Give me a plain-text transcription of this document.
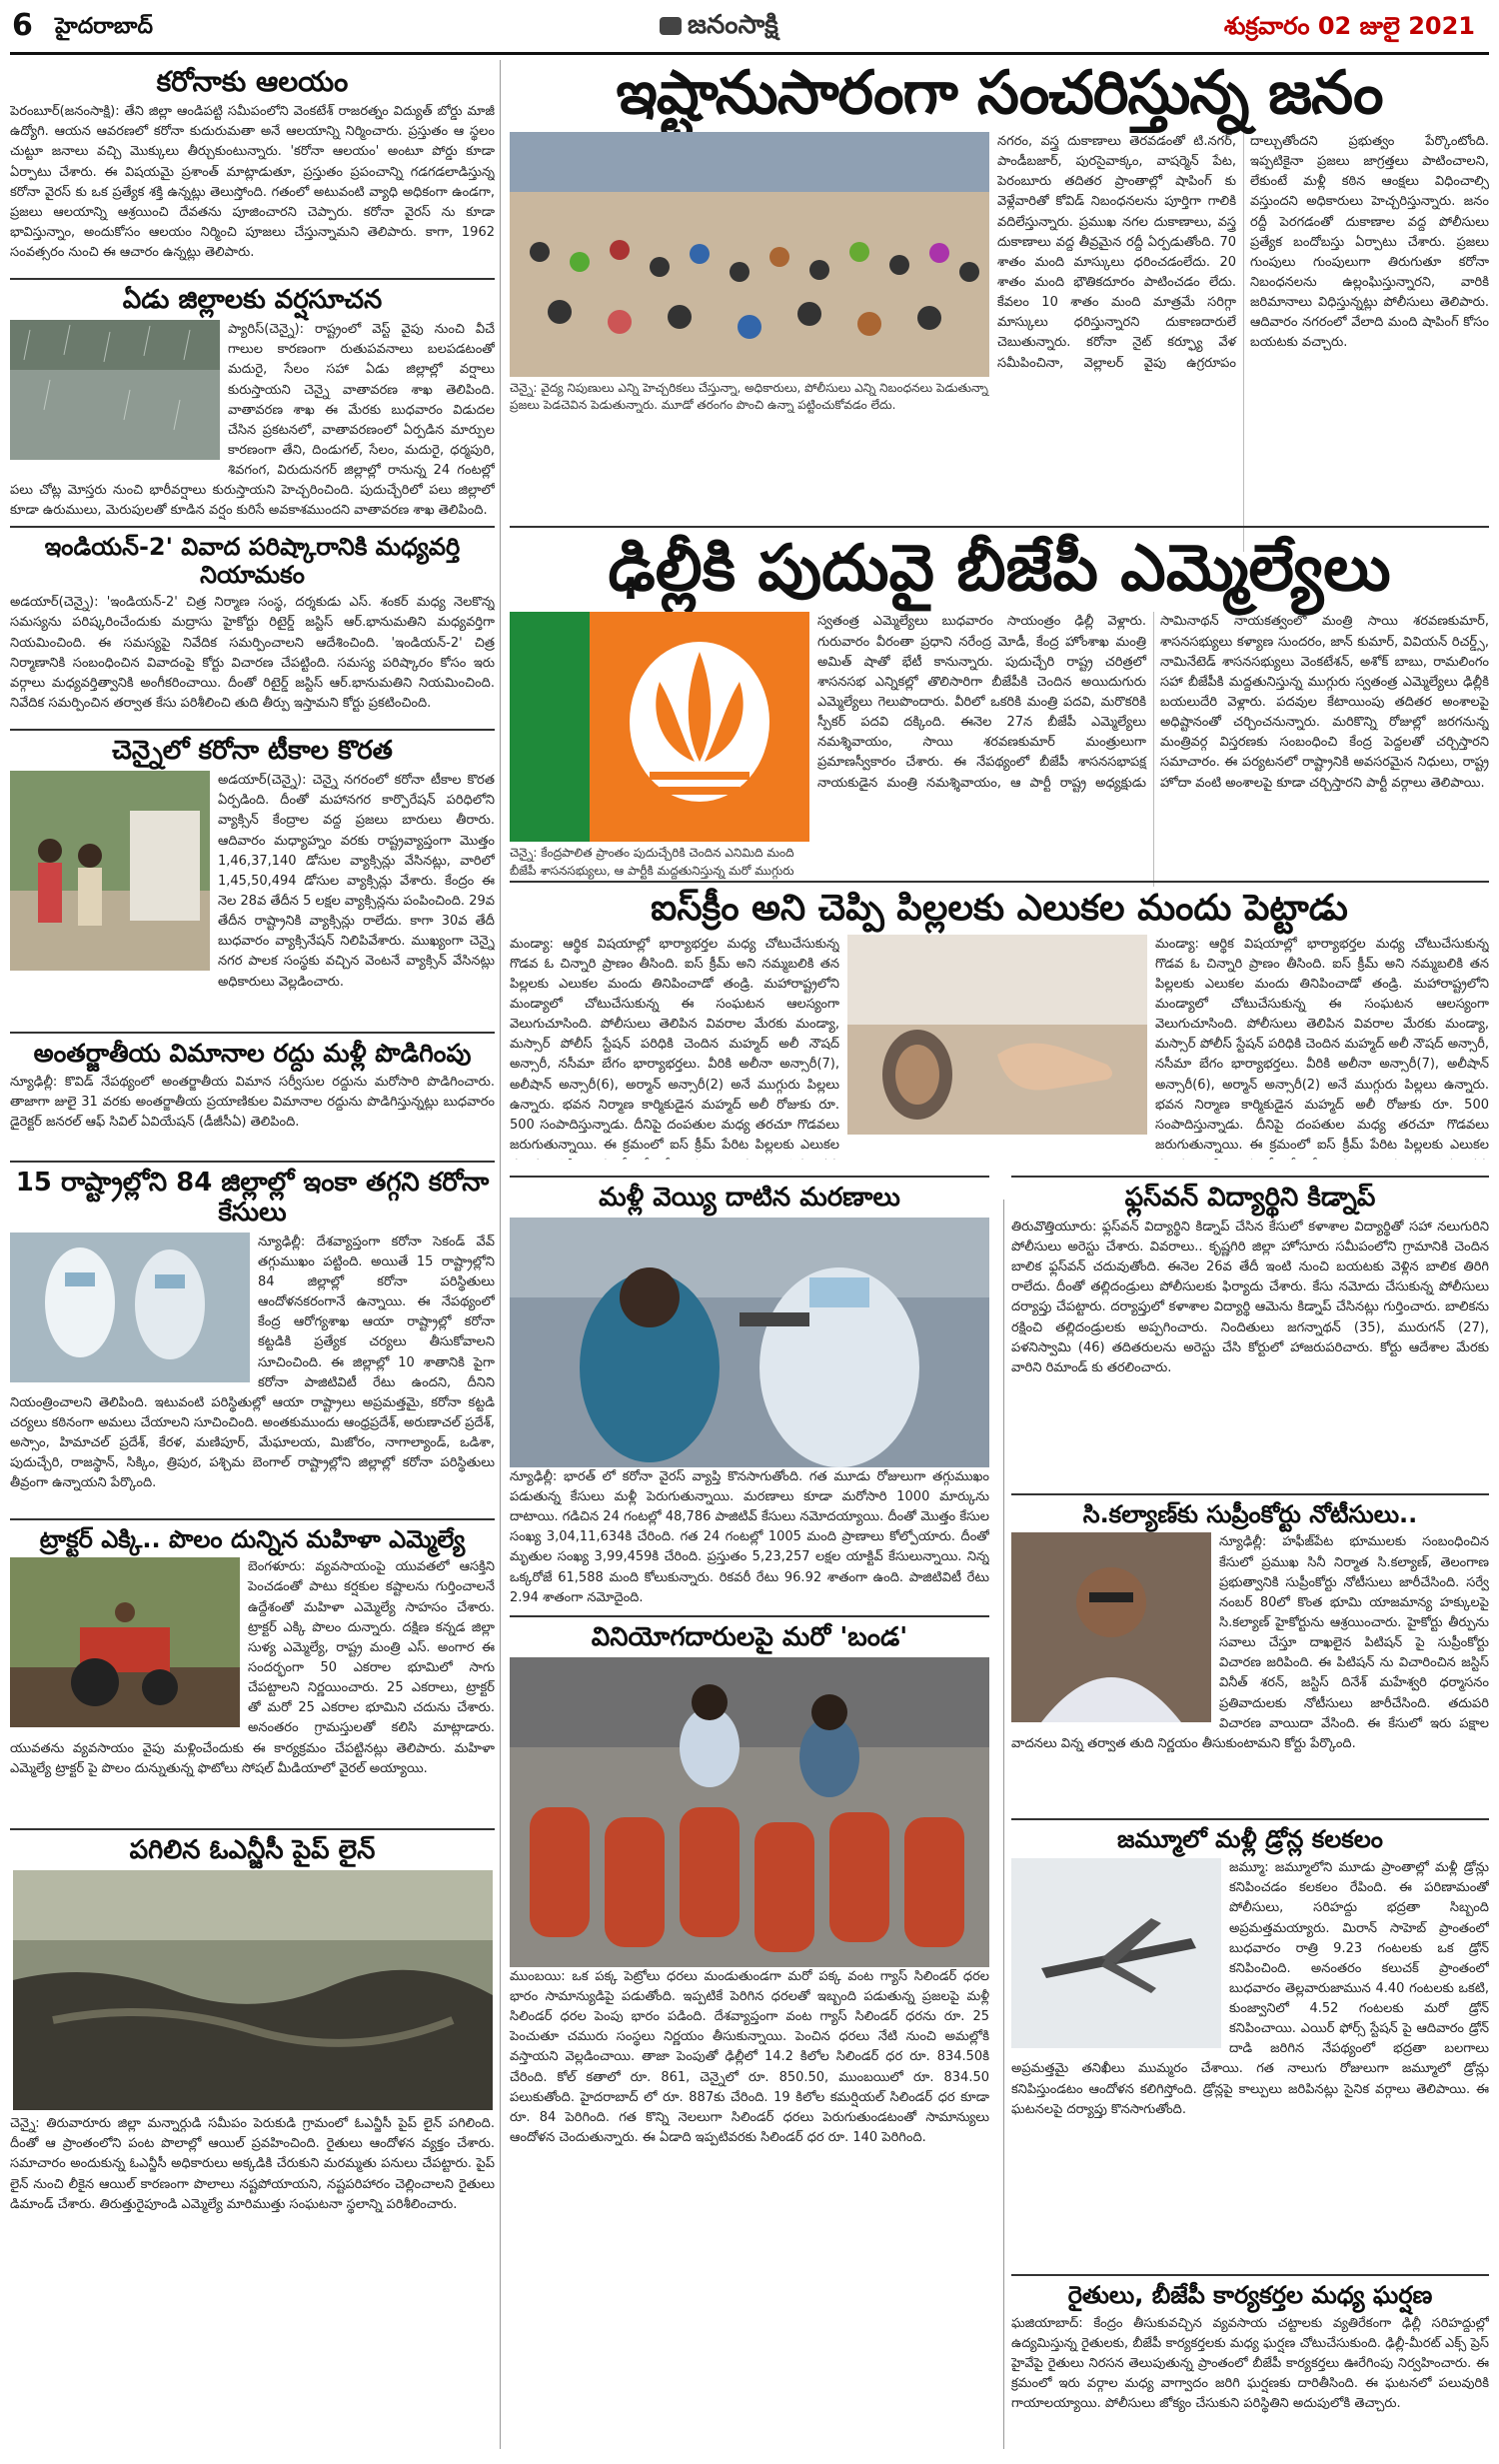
6 హైదరాబాద్	జనంసాక్షి	శుక్రవారం 02 జులై 2021
కరోనాకు ఆలయం
పెరంబూర్(జనంసాక్షి): తేని జిల్లా ఆండిపట్టి సమీపంలోని వెంకటేశ్ రాజరత్నం విద్యుత్ బోర్డు మాజీ ఉద్యోగి. ఆయన ఆవరణలో కరోనా కుదురుమతా అనే ఆలయాన్ని నిర్మించారు. ప్రస్తుతం ఆ స్థలం చుట్టూ జనాలు వచ్చి మొక్కులు తీర్చుకుంటున్నారు. 'కరోనా ఆలయం' అంటూ పోర్డు కూడా ఏర్పాటు చేశారు. ఈ విషయమై ప్రశాంత్ మాట్లాడుతూ, ప్రస్తుతం ప్రపంచాన్ని గడగడలాడిస్తున్న కరోనా వైరస్ కు ఒక ప్రత్యేక శక్తి ఉన్నట్లు తెలుస్తోంది. గతంలో అటువంటి వ్యాధి అధికంగా ఉండగా, ప్రజలు ఆలయాన్ని ఆశ్రయించి దేవతను పూజించారని చెప్పారు. కరోనా వైరస్ ను కూడా భావిస్తున్నాం, అందుకోసం ఆలయం నిర్మించి పూజలు చేస్తున్నామని తెలిపారు. కాగా, 1962 సంవత్సరం నుంచి ఈ ఆచారం ఉన్నట్లు తెలిపారు.
ఏడు జిల్లాలకు వర్షసూచన
ప్యారిస్(చెన్నై): రాష్ట్రంలో వెస్ట్ వైపు నుంచి వీచే గాలుల కారణంగా రుతుపవనాలు బలపడటంతో మదురై, సేలం సహా ఏడు జిల్లాల్లో వర్షాలు కురుస్తాయని చెన్నై వాతావరణ శాఖ తెలిపింది. వాతావరణ శాఖ ఈ మేరకు బుధవారం విడుదల చేసిన ప్రకటనలో, వాతావరణంలో ఏర్పడిన మార్పుల కారణంగా తేని, దిండుగల్, సేలం, మదురై, ధర్మపురి, శివగంగ, విరుదునగర్ జిల్లాల్లో రానున్న 24 గంటల్లో పలు చోట్ల మోస్తరు నుంచి భారీవర్షాలు కురుస్తాయని హెచ్చరించింది. పుదుచ్చేరిలో పలు జిల్లాలో కూడా ఉరుములు, మెరుపులతో కూడిన వర్షం కురిసే అవకాశముందని వాతావరణ శాఖ తెలిపింది.
ఇండియన్-2' వివాద పరిష్కారానికి మధ్యవర్తి నియామకం
అడయార్(చెన్నై): 'ఇండియన్-2' చిత్ర నిర్మాణ సంస్థ, దర్శకుడు ఎస్. శంకర్ మధ్య నెలకొన్న సమస్యను పరిష్కరించేందుకు మద్రాసు హైకోర్టు రిటైర్డ్ జస్టిస్ ఆర్.భానుమతిని మధ్యవర్తిగా నియమించింది. ఈ సమస్యపై నివేదిక సమర్పించాలని ఆదేశించింది. 'ఇండియన్-2' చిత్ర నిర్మాణానికి సంబంధించిన వివాదంపై కోర్టు విచారణ చేపట్టింది. సమస్య పరిష్కారం కోసం ఇరు వర్గాలు మధ్యవర్తిత్వానికి అంగీకరించాయి. దీంతో రిటైర్డ్ జస్టిస్ ఆర్.భానుమతిని నియమించింది. నివేదిక సమర్పించిన తర్వాత కేసు పరిశీలించి తుది తీర్పు ఇస్తామని కోర్టు ప్రకటించింది.
చెన్నైలో కరోనా టీకాల కొరత
అడయార్(చెన్నై): చెన్నై నగరంలో కరోనా టీకాల కొరత ఏర్పడింది. దీంతో మహానగర కార్పొరేషన్ పరిధిలోని వ్యాక్సిన్ కేంద్రాల వద్ద ప్రజలు బారులు తీరారు. ఆదివారం మధ్యాహ్నం వరకు రాష్ట్రవ్యాప్తంగా మొత్తం 1,46,37,140 డోసుల వ్యాక్సిన్లు వేసినట్లు, వారిలో 1,45,50,494 డోసుల వ్యాక్సిన్లు వేశారు. కేంద్రం ఈ నెల 28వ తేదీన 5 లక్షల వ్యాక్సిన్లను పంపించింది. 29వ తేదీన రాష్ట్రానికి వ్యాక్సిన్లు రాలేదు. కాగా 30వ తేదీ బుధవారం వ్యాక్సినేషన్ నిలిపివేశారు. ముఖ్యంగా చెన్నై నగర పాలక సంస్థకు వచ్చిన వెంటనే వ్యాక్సిన్ వేసినట్లు అధికారులు వెల్లడించారు.
అంతర్జాతీయ విమానాల రద్దు మళ్లీ పొడిగింపు
న్యూఢిల్లీ: కొవిడ్ నేపథ్యంలో అంతర్జాతీయ విమాన సర్వీసుల రద్దును మరోసారి పొడిగించారు. తాజాగా జులై 31 వరకు అంతర్జాతీయ ప్రయాణికుల విమానాల రద్దును పొడిగిస్తున్నట్లు బుధవారం డైరెక్టర్ జనరల్ ఆఫ్ సివిల్ ఏవియేషన్ (డీజీసీఏ) తెలిపింది.
15 రాష్ట్రాల్లోని 84 జిల్లాల్లో ఇంకా తగ్గని కరోనా కేసులు
న్యూఢిల్లీ: దేశవ్యాప్తంగా కరోనా సెకండ్ వేవ్ తగ్గుముఖం పట్టింది. అయితే 15 రాష్ట్రాల్లోని 84 జిల్లాల్లో కరోనా పరిస్థితులు ఆందోళనకరంగానే ఉన్నాయి. ఈ నేపథ్యంలో కేంద్ర ఆరోగ్యశాఖ ఆయా రాష్ట్రాల్లో కరోనా కట్టడికి ప్రత్యేక చర్యలు తీసుకోవాలని సూచించింది. ఈ జిల్లాల్లో 10 శాతానికి పైగా కరోనా పాజిటివిటీ రేటు ఉందని, దీనిని నియంత్రించాలని తెలిపింది. ఇటువంటి పరిస్థితుల్లో ఆయా రాష్ట్రాలు అప్రమత్తమై, కరోనా కట్టడి చర్యలు కఠినంగా అమలు చేయాలని సూచించింది. అంతకుముందు ఆంధ్రప్రదేశ్, అరుణాచల్ ప్రదేశ్, అస్సాం, హిమాచల్ ప్రదేశ్, కేరళ, మణిపూర్, మేఘాలయ, మిజోరం, నాగాల్యాండ్, ఒడిశా, పుదుచ్చేరి, రాజస్థాన్, సిక్కిం, త్రిపుర, పశ్చిమ బెంగాల్ రాష్ట్రాల్లోని జిల్లాల్లో కరోనా పరిస్థితులు తీవ్రంగా ఉన్నాయని పేర్కొంది.
ట్రాక్టర్ ఎక్కి.. పొలం దున్నిన మహిళా ఎమ్మెల్యే
బెంగళూరు: వ్యవసాయంపై యువతలో ఆసక్తిని పెంచడంతో పాటు కర్షకుల కష్టాలను గుర్తించాలనే ఉద్దేశంతో మహిళా ఎమ్మెల్యే సాహసం చేశారు. ట్రాక్టర్ ఎక్కి పొలం దున్నారు. దక్షిణ కన్నడ జిల్లా సుళ్య ఎమ్మెల్యే, రాష్ట్ర మంత్రి ఎస్. అంగార ఈ సందర్భంగా 50 ఎకరాల భూమిలో సాగు చేపట్టాలని నిర్ణయించారు. 25 ఎకరాలు, ట్రాక్టర్ తో మరో 25 ఎకరాల భూమిని చదును చేశారు. అనంతరం గ్రామస్తులతో కలిసి మాట్లాడారు. యువతను వ్యవసాయం వైపు మళ్లించేందుకు ఈ కార్యక్రమం చేపట్టినట్లు తెలిపారు. మహిళా ఎమ్మెల్యే ట్రాక్టర్ పై పొలం దున్నుతున్న ఫొటోలు సోషల్ మీడియాలో వైరల్ అయ్యాయి.
పగిలిన ఓఎన్జీసీ పైప్ లైన్
చెన్నై: తిరువారూరు జిల్లా మన్నార్గుడి సమీపం పెరుకుడి గ్రామంలో ఓఎన్జీసీ పైప్ లైన్ పగిలింది. దీంతో ఆ ప్రాంతంలోని పంట పొలాల్లో ఆయిల్ ప్రవహించింది. రైతులు ఆందోళన వ్యక్తం చేశారు. సమాచారం అందుకున్న ఓఎన్జీసీ అధికారులు అక్కడికి చేరుకుని మరమ్మతు పనులు చేపట్టారు. పైప్ లైన్ నుంచి లీకైన ఆయిల్ కారణంగా పొలాలు నష్టపోయాయని, నష్టపరిహారం చెల్లించాలని రైతులు డిమాండ్ చేశారు. తిరుత్తురైపూండి ఎమ్మెల్యే మారిముత్తు సంఘటనా స్థలాన్ని పరిశీలించారు.
ఇష్టానుసారంగా సంచరిస్తున్న జనం
చెన్నై: వైద్య నిపుణులు ఎన్ని హెచ్చరికలు చేస్తున్నా, అధికారులు, పోలీసులు ఎన్ని నిబంధనలు పెడుతున్నా ప్రజలు పెడచెవిన పెడుతున్నారు. మూడో తరంగం పొంచి ఉన్నా పట్టించుకోవడం లేదు.
నగరం, వస్త్ర దుకాణాలు తెరవడంతో టి.నగర్, పాండీబజార్, పురసైవాక్కం, వాషర్మెన్ పేట, పెరంబూరు తదితర ప్రాంతాల్లో షాపింగ్ కు వెళ్లేవారితో కోవిడ్ నిబంధనలను పూర్తిగా గాలికి వదిలేస్తున్నారు. ప్రముఖ నగల దుకాణాలు, వస్త్ర దుకాణాలు వద్ద తీవ్రమైన రద్దీ ఏర్పడుతోంది. 70 శాతం మంది మాస్కులు ధరించడంలేదు. 20 శాతం మంది భౌతికదూరం పాటించడం లేదు. కేవలం 10 శాతం మంది మాత్రమే సరిగ్గా మాస్కులు ధరిస్తున్నారని దుకాణదారులే చెబుతున్నారు. కరోనా నైట్ కర్ఫ్యూ వేళ సమీపించినా, వెల్లాలర్ వైపు ఉగ్రరూపం దాల్చుతోందని ప్రభుత్వం పేర్కొంటోంది. ఇప్పటికైనా ప్రజలు జాగ్రత్తలు పాటించాలని, లేకుంటే మళ్లీ కఠిన ఆంక్షలు విధించాల్సి వస్తుందని అధికారులు హెచ్చరిస్తున్నారు. జనం రద్దీ పెరగడంతో దుకాణాల వద్ద పోలీసులు ప్రత్యేక బందోబస్తు ఏర్పాటు చేశారు. ప్రజలు గుంపులు గుంపులుగా తిరుగుతూ కరోనా నిబంధనలను ఉల్లంఘిస్తున్నారని, వారికి జరిమానాలు విధిస్తున్నట్లు పోలీసులు తెలిపారు. ఆదివారం నగరంలో వేలాది మంది షాపింగ్ కోసం బయటకు వచ్చారు.
ఢిల్లీకి పుదువై బీజేపీ ఎమ్మెల్యేలు
చెన్నై: కేంద్రపాలిత ప్రాంతం పుదుచ్చేరికి చెందిన ఎనిమిది మంది బీజేపీ శాసనసభ్యులు, ఆ పార్టీకి మద్దతునిస్తున్న మరో ముగ్గురు
స్వతంత్ర ఎమ్మెల్యేలు బుధవారం సాయంత్రం ఢిల్లీ వెళ్లారు. గురువారం వీరంతా ప్రధాని నరేంద్ర మోడీ, కేంద్ర హోంశాఖ మంత్రి అమిత్ షాతో భేటీ కానున్నారు. పుదుచ్చేరి రాష్ట్ర చరిత్రలో శాసనసభ ఎన్నికల్లో తొలిసారిగా బీజేపీకి చెందిన అయిదుగురు ఎమ్మెల్యేలు గెలుపొందారు. వీరిలో ఒకరికి మంత్రి పదవి, మరొకరికి స్పీకర్ పదవి దక్కింది. ఈనెల 27న బీజేపీ ఎమ్మెల్యేలు నమశ్శివాయం, సాయి శరవణకుమార్ మంత్రులుగా ప్రమాణస్వీకారం చేశారు. ఈ నేపథ్యంలో బీజేపీ శాసనసభాపక్ష నాయకుడైన మంత్రి నమశ్శివాయం, ఆ పార్టీ రాష్ట్ర అధ్యక్షుడు సామినాథన్ నాయకత్వంలో మంత్రి సాయి శరవణకుమార్, శాసనసభ్యులు కళ్యాణ సుందరం, జాన్ కుమార్, వివియన్ రిచర్డ్స్, నామినేటెడ్ శాసనసభ్యులు వెంకటేశన్, అశోక్ బాబు, రామలింగం సహా బీజేపీకి మద్దతునిస్తున్న ముగ్గురు స్వతంత్ర ఎమ్మెల్యేలు ఢిల్లీకి బయలుదేరి వెళ్లారు. పదవుల కేటాయింపు తదితర అంశాలపై అధిష్టానంతో చర్చించనున్నారు. మరికొన్ని రోజుల్లో జరగనున్న మంత్రివర్గ విస్తరణకు సంబంధించి కేంద్ర పెద్దలతో చర్చిస్తారని సమాచారం. ఈ పర్యటనలో రాష్ట్రానికి అవసరమైన నిధులు, రాష్ట్ర హోదా వంటి అంశాలపై కూడా చర్చిస్తారని పార్టీ వర్గాలు తెలిపాయి.
ఐస్‌క్రీం అని చెప్పి పిల్లలకు ఎలుకల మందు పెట్టాడు
మండ్యా: ఆర్థిక విషయాల్లో భార్యాభర్తల మధ్య చోటుచేసుకున్న గొడవ ఓ చిన్నారి ప్రాణం తీసింది. ఐస్ క్రీమ్ అని నమ్మబలికి తన పిల్లలకు ఎలుకల మందు తినిపించాడో తండ్రి. మహారాష్ట్రలోని మండ్యాలో చోటుచేసుకున్న ఈ సంఘటన ఆలస్యంగా వెలుగుచూసింది. పోలీసులు తెలిపిన వివరాల మేరకు మండ్యా, మస్సార్ పోలీస్ స్టేషన్ పరిధికి చెందిన మహ్మద్ అలీ నౌషద్ అన్సారీ, నసీమా బేగం భార్యాభర్తలు. వీరికి అలీనా అన్సారీ(7), అలీషాన్ అన్సారీ(6), అర్మాన్ అన్సారీ(2) అనే ముగ్గురు పిల్లలు ఉన్నారు. భవన నిర్మాణ కార్మికుడైన మహ్మద్ అలీ రోజుకు రూ. 500 సంపాదిస్తున్నాడు. దీనిపై దంపతుల మధ్య తరచూ గొడవలు జరుగుతున్నాయి. ఈ క్రమంలో ఐస్ క్రీమ్ పేరిట పిల్లలకు ఎలుకల
మండ్యా: ఆర్థిక విషయాల్లో భార్యాభర్తల మధ్య చోటుచేసుకున్న గొడవ ఓ చిన్నారి ప్రాణం తీసింది. ఐస్ క్రీమ్ అని నమ్మబలికి తన పిల్లలకు ఎలుకల మందు తినిపించాడో తండ్రి. మహారాష్ట్రలోని మండ్యాలో చోటుచేసుకున్న ఈ సంఘటన ఆలస్యంగా వెలుగుచూసింది. పోలీసులు తెలిపిన వివరాల మేరకు మండ్యా, మస్సార్ పోలీస్ స్టేషన్ పరిధికి చెందిన మహ్మద్ అలీ నౌషద్ అన్సారీ, నసీమా బేగం భార్యాభర్తలు. వీరికి అలీనా అన్సారీ(7), అలీషాన్ అన్సారీ(6), అర్మాన్ అన్సారీ(2) అనే ముగ్గురు పిల్లలు ఉన్నారు. భవన నిర్మాణ కార్మికుడైన మహ్మద్ అలీ రోజుకు రూ. 500 సంపాదిస్తున్నాడు. దీనిపై దంపతుల మధ్య తరచూ గొడవలు జరుగుతున్నాయి. ఈ క్రమంలో ఐస్ క్రీమ్ పేరిట పిల్లలకు ఎలుకల
మళ్లీ వెయ్యి దాటిన మరణాలు
న్యూఢిల్లీ: భారత్ లో కరోనా వైరస్ వ్యాప్తి కొనసాగుతోంది. గత మూడు రోజులుగా తగ్గుముఖం పడుతున్న కేసులు మళ్లీ పెరుగుతున్నాయి. మరణాలు కూడా మరోసారి 1000 మార్కును దాటాయి. గడిచిన 24 గంటల్లో 48,786 పాజిటివ్ కేసులు నమోదయ్యాయి. దీంతో మొత్తం కేసుల సంఖ్య 3,04,11,634కి చేరింది. గత 24 గంటల్లో 1005 మంది ప్రాణాలు కోల్పోయారు. దీంతో మృతుల సంఖ్య 3,99,459కి చేరింది. ప్రస్తుతం 5,23,257 లక్షల యాక్టివ్ కేసులున్నాయి. నిన్న ఒక్కరోజే 61,588 మంది కోలుకున్నారు. రికవరీ రేటు 96.92 శాతంగా ఉంది. పాజిటివిటీ రేటు 2.94 శాతంగా నమోదైంది.
వినియోగదారులపై మరో 'బండ'
ముంబయి: ఒక పక్క పెట్రోలు ధరలు మండుతుండగా మరో పక్క వంట గ్యాస్ సిలిండర్ ధరల భారం సామాన్యుడిపై పడుతోంది. ఇప్పటికే పెరిగిన ధరలతో ఇబ్బంది పడుతున్న ప్రజలపై మళ్లీ సిలిండర్ ధరల పెంపు భారం పడింది. దేశవ్యాప్తంగా వంట గ్యాస్ సిలిండర్ ధరను రూ. 25 పెంచుతూ చమురు సంస్థలు నిర్ణయం తీసుకున్నాయి. పెంచిన ధరలు నేటి నుంచి అమల్లోకి వస్తాయని వెల్లడించాయి. తాజా పెంపుతో ఢిల్లీలో 14.2 కిలోల సిలిండర్ ధర రూ. 834.50కి చేరింది. కోల్ కతాలో రూ. 861, చెన్నైలో రూ. 850.50, ముంబయిలో రూ. 834.50 పలుకుతోంది. హైదరాబాద్ లో రూ. 887కు చేరింది. 19 కిలోల కమర్షియల్ సిలిండర్ ధర కూడా రూ. 84 పెరిగింది. గత కొన్ని నెలలుగా సిలిండర్ ధరలు పెరుగుతుండటంతో సామాన్యులు ఆందోళన చెందుతున్నారు. ఈ ఏడాది ఇప్పటివరకు సిలిండర్ ధర రూ. 140 పెరిగింది.
ఫ్లస్‌వన్ విద్యార్థిని కిడ్నాప్
తిరువొత్తియూరు: ఫ్లస్‌వన్ విద్యార్థిని కిడ్నాప్ చేసిన కేసులో కళాశాల విద్యార్థితో సహా నలుగురిని పోలీసులు అరెస్టు చేశారు. వివరాలు.. కృష్ణగిరి జిల్లా హోసూరు సమీపంలోని గ్రామానికి చెందిన బాలిక ఫ్లస్‌వన్ చదువుతోంది. ఈనెల 26వ తేదీ ఇంటి నుంచి బయటకు వెళ్లిన బాలిక తిరిగి రాలేదు. దీంతో తల్లిదండ్రులు పోలీసులకు ఫిర్యాదు చేశారు. కేసు నమోదు చేసుకున్న పోలీసులు దర్యాప్తు చేపట్టారు. దర్యాప్తులో కళాశాల విద్యార్థి ఆమెను కిడ్నాప్ చేసినట్లు గుర్తించారు. బాలికను రక్షించి తల్లిదండ్రులకు అప్పగించారు. నిందితులు జగన్నాథన్ (35), మురుగన్ (27), పళనిస్వామి (46) తదితరులను అరెస్టు చేసి కోర్టులో హాజరుపరిచారు. కోర్టు ఆదేశాల మేరకు వారిని రిమాండ్ కు తరలించారు.
సి.కల్యాణ్‌కు సుప్రీంకోర్టు నోటీసులు..
న్యూఢిల్లీ: హఫీజ్‌పేట భూములకు సంబంధించిన కేసులో ప్రముఖ సినీ నిర్మాత సి.కల్యాణ్, తెలంగాణ ప్రభుత్వానికి సుప్రీంకోర్టు నోటీసులు జారీచేసింది. సర్వే నంబర్ 80లో కొంత భూమి యాజమాన్య హక్కులపై సి.కల్యాణ్ హైకోర్టును ఆశ్రయించారు. హైకోర్టు తీర్పును సవాలు చేస్తూ దాఖలైన పిటిషన్ పై సుప్రీంకోర్టు విచారణ జరిపింది. ఈ పిటిషన్ ను విచారించిన జస్టిస్ వినీత్ శరన్, జస్టిస్ దినేశ్ మహేశ్వరి ధర్మాసనం ప్రతివాదులకు నోటీసులు జారీచేసింది. తదుపరి విచారణ వాయిదా వేసింది. ఈ కేసులో ఇరు పక్షాల వాదనలు విన్న తర్వాత తుది నిర్ణయం తీసుకుంటామని కోర్టు పేర్కొంది.
జమ్మూలో మళ్లీ డ్రోన్ల కలకలం
జమ్మూ: జమ్మూలోని మూడు ప్రాంతాల్లో మళ్లీ డ్రోన్లు కనిపించడం కలకలం రేపింది. ఈ పరిణామంతో పోలీసులు, సరిహద్దు భద్రతా సిబ్బంది అప్రమత్తమయ్యారు. మిరాన్ సాహెబ్ ప్రాంతంలో బుధవారం రాత్రి 9.23 గంటలకు ఒక డ్రోన్ కనిపించింది. అనంతరం కలుచక్ ప్రాంతంలో బుధవారం తెల్లవారుజామున 4.40 గంటలకు ఒకటి, కుంజ్వానిలో 4.52 గంటలకు మరో డ్రోన్ కనిపించాయి. ఎయిర్ ఫోర్స్ స్టేషన్ పై ఆదివారం డ్రోన్ దాడి జరిగిన నేపథ్యంలో భద్రతా బలగాలు అప్రమత్తమై తనిఖీలు ముమ్మరం చేశాయి. గత నాలుగు రోజులుగా జమ్మూలో డ్రోన్లు కనిపిస్తుండటం ఆందోళన కలిగిస్తోంది. డ్రోన్లపై కాల్పులు జరిపినట్లు సైనిక వర్గాలు తెలిపాయి. ఈ ఘటనలపై దర్యాప్తు కొనసాగుతోంది.
రైతులు, బీజేపీ కార్యకర్తల మధ్య ఘర్షణ
ఘజియాబాద్: కేంద్రం తీసుకువచ్చిన వ్యవసాయ చట్టాలకు వ్యతిరేకంగా ఢిల్లీ సరిహద్దుల్లో ఉద్యమిస్తున్న రైతులకు, బీజేపీ కార్యకర్తలకు మధ్య ఘర్షణ చోటుచేసుకుంది. ఢిల్లీ-మీరట్ ఎక్స్ ప్రెస్ హైవేపై రైతులు నిరసన తెలుపుతున్న ప్రాంతంలో బీజేపీ కార్యకర్తలు ఊరేగింపు నిర్వహించారు. ఈ క్రమంలో ఇరు వర్గాల మధ్య వాగ్వాదం జరిగి ఘర్షణకు దారితీసింది. ఈ ఘటనలో పలువురికి గాయాలయ్యాయి. పోలీసులు జోక్యం చేసుకుని పరిస్థితిని అదుపులోకి తెచ్చారు.
